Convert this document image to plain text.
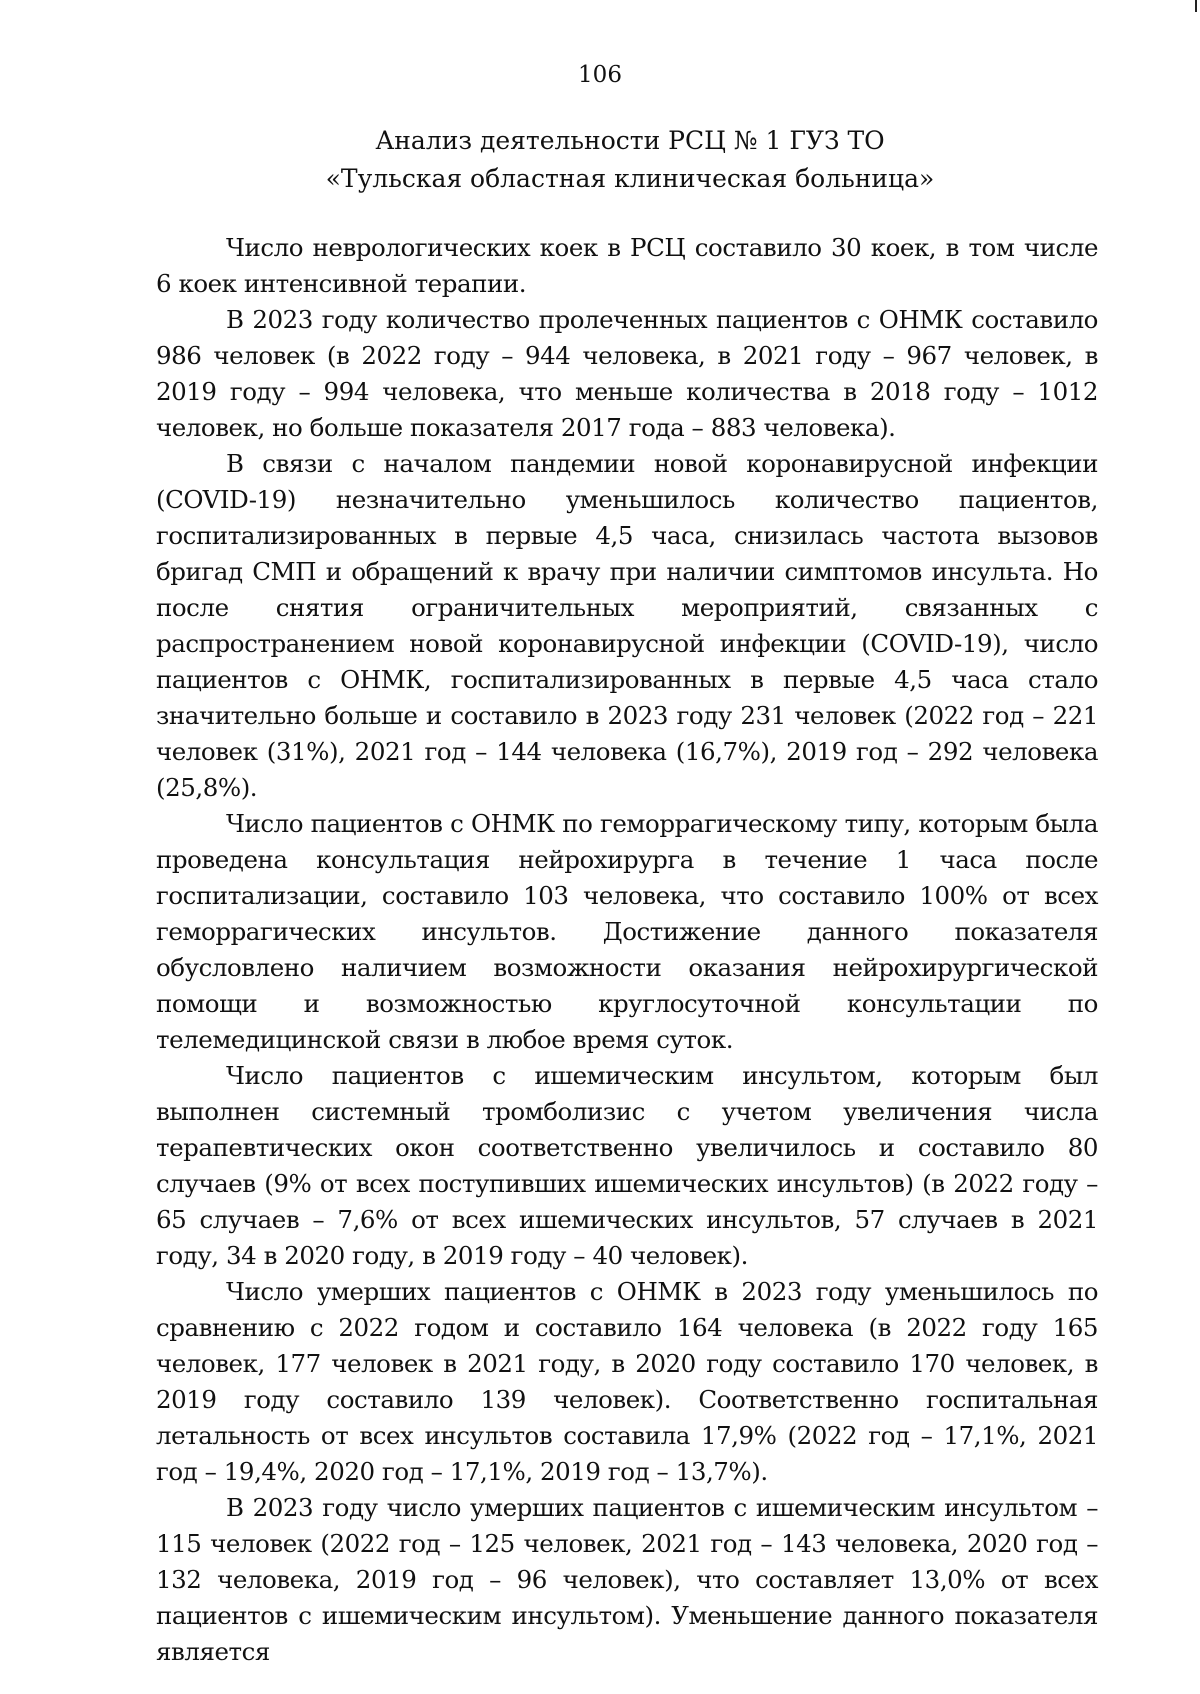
106
Анализ деятельности РСЦ № 1 ГУЗ ТО
«Тульская областная клиническая больница»

Число неврологических коек в РСЦ составило 30 коек, в том числе 6 коек интенсивной терапии.

В 2023 году количество пролеченных пациентов с ОНМК составило 986 человек (в 2022 году – 944 человека, в 2021 году – 967 человек, в 2019 году – 994 человека, что меньше количества в 2018 году – 1012 человек, но больше показателя 2017 года – 883 человека).

В связи с началом пандемии новой коронавирусной инфекции (COVID-19) незначительно уменьшилось количество пациентов, госпитализированных в первые 4,5 часа, снизилась частота вызовов бригад СМП и обращений к врачу при наличии симптомов инсульта. Но после снятия ограничительных мероприятий, связанных с распространением новой коронавирусной инфекции (COVID-19), число пациентов с ОНМК, госпитализированных в первые 4,5 часа стало значительно больше и составило в 2023 году 231 человек (2022 год – 221 человек (31%), 2021 год – 144 человека (16,7%), 2019 год – 292 человека (25,8%).

Число пациентов с ОНМК по геморрагическому типу, которым была проведена консультация нейрохирурга в течение 1 часа после госпитализации, составило 103 человека, что составило 100% от всех геморрагических инсультов. Достижение данного показателя обусловлено наличием возможности оказания нейрохирургической помощи и возможностью круглосуточной консультации по телемедицинской связи в любое время суток.

Число пациентов с ишемическим инсультом, которым был выполнен системный тромболизис с учетом увеличения числа терапевтических окон соответственно увеличилось и составило 80 случаев (9% от всех поступивших ишемических инсультов) (в 2022 году – 65 случаев – 7,6% от всех ишемических инсультов, 57 случаев в 2021 году, 34 в 2020 году, в 2019 году – 40 человек).

Число умерших пациентов с ОНМК в 2023 году уменьшилось по сравнению с 2022 годом и составило 164 человека (в 2022 году 165 человек, 177 человек в 2021 году, в 2020 году составило 170 человек, в 2019 году составило 139 человек). Соответственно госпитальная летальность от всех инсультов составила 17,9% (2022 год – 17,1%, 2021 год – 19,4%, 2020 год – 17,1%, 2019 год – 13,7%).

В 2023 году число умерших пациентов с ишемическим инсультом – 115 человек (2022 год – 125 человек, 2021 год – 143 человека, 2020 год – 132 человека, 2019 год – 96 человек), что составляет 13,0% от всех пациентов с ишемическим инсультом). Уменьшение данного показателя является
